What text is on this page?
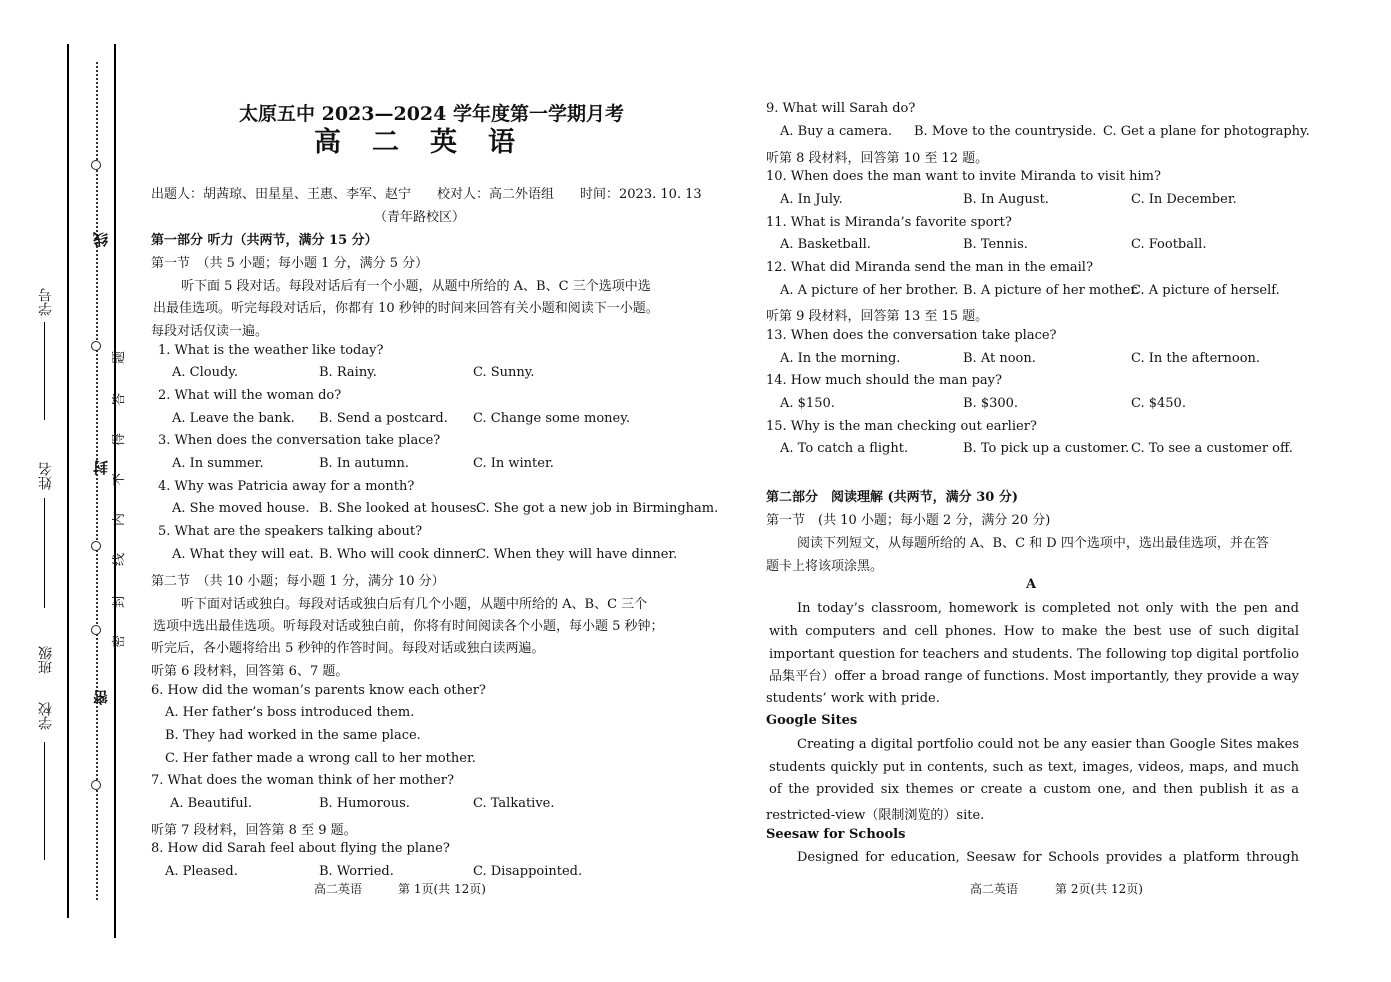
线
封
密
题
答
得
不
内
线
封
密
学号
姓名
班级
学校
太原五中 2023—2024 学年度第一学期月考
高　二　英　语
出题人：胡茜琼、田星星、王惠、李军、赵宁　　校对人：高二外语组　　时间：2023. 10. 13
（青年路校区）
第一部分 听力（共两节，满分 15 分）
第一节　（共 5 小题；每小题 1 分，满分 5 分）
听下面 5 段对话。每段对话后有一个小题，从题中所给的 A、B、C 三个选项中选
出最佳选项。听完每段对话后，你都有 10 秒钟的时间来回答有关小题和阅读下一小题。
每段对话仅读一遍。
1. What is the weather like today?
A. Cloudy.	B. Rainy.	C. Sunny.
2. What will the woman do?
A. Leave the bank. B. Send a postcard. C. Change some money.
3. When does the conversation take place?
A. In summer.	B. In autumn.	C. In winter.
4. Why was Patricia away for a month?
A. She moved house. B. She looked at houses.
C. She got a new job in Birmingham.
5. What are the speakers talking about?
A. What they will eat. B. Who will cook dinner.
C. When they will have dinner.
第二节　（共 10 小题；每小题 1 分，满分 10 分）
听下面对话或独白。每段对话或独白后有几个小题，从题中所给的 A、B、C 三个
选项中选出最佳选项。听每段对话或独白前，你将有时间阅读各个小题，每小题 5 秒钟；
听完后，各小题将给出 5 秒钟的作答时间。每段对话或独白读两遍。
听第 6 段材料，回答第 6、7 题。
6. How did the woman’s parents know each other?
A. Her father’s boss introduced them.
B. They had worked in the same place.
C. Her father made a wrong call to her mother.
7. What does the woman think of her mother?
A. Beautiful.	B. Humorous.	C. Talkative.
听第 7 段材料，回答第 8 至 9 题。
8. How did Sarah feel about flying the plane?
A. Pleased.	B. Worried.	C. Disappointed.
高二英语	第 1页(共 12页)
9. What will Sarah do?
A. Buy a camera. B. Move to the countryside. C. Get a plane for photography.
听第 8 段材料，回答第 10 至 12 题。
10. When does the man want to invite Miranda to visit him?
A. In July.	B. In August.	C. In December.
11. What is Miranda’s favorite sport?
A. Basketball.	B. Tennis.	C. Football.
12. What did Miranda send the man in the email?
A. A picture of her brother. B. A picture of her mother.
C. A picture of herself.
听第 9 段材料，回答第 13 至 15 题。
13. When does the conversation take place?
A. In the morning.	B. At noon.	C. In the afternoon.
14. How much should the man pay?
A. $150.	B. $300.	C. $450.
15. Why is the man checking out earlier?
A. To catch a flight.	B. To pick up a customer. C. To see a customer off.
第二部分　阅读理解 (共两节，满分 30 分)
第一节　(共 10 小题；每小题 2 分，满分 20 分)
阅读下列短文，从每题所给的 A、B、C 和 D 四个选项中，选出最佳选项，并在答
题卡上将该项涂黑。
A
In today’s classroom, homework is completed not only with the pen and
with computers and cell phones. How to make the best use of such digital
important question for teachers and students. The following top digital portfolio
品集平台）offer a broad range of functions. Most importantly, they provide a way
students’ work with pride.
Google Sites
Creating a digital portfolio could not be any easier than Google Sites makes
students quickly put in contents, such as text, images, videos, maps, and much
of the provided six themes or create a custom one, and then publish it as a
restricted-view（限制浏览的）site.
Seesaw for Schools
Designed for education, Seesaw for Schools provides a platform through
高二英语	第 2页(共 12页)
